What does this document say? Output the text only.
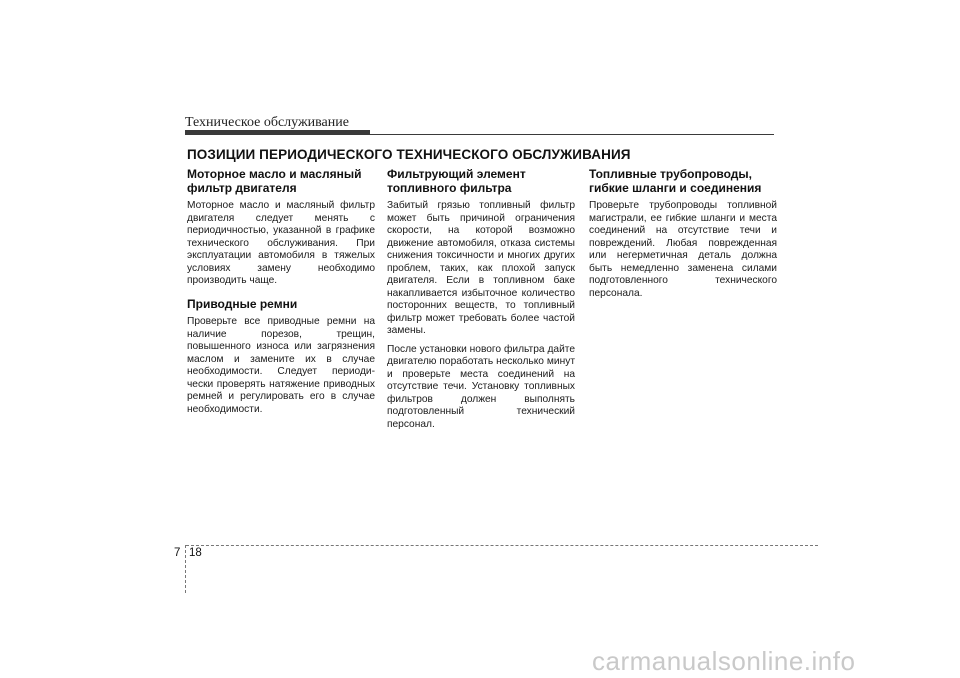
Техническое обслуживание
ПОЗИЦИИ ПЕРИОДИЧЕСКОГО ТЕХНИЧЕСКОГО ОБСЛУЖИВАНИЯ
Моторное масло и масляный фильтр двигателя

Моторное масло и масляный фильтр двигателя следует менять с периодичностью, указанной в графике технического обслуживания. При эксплуатации автомобиля в тяжелых условиях замену необходимо производить чаще.

Приводные ремни

Проверьте все приводные ремни на наличие порезов, трещин, повышенного износа или загрязнения маслом и замените их в случае необходимости. Следует периоди-чески проверять натяжение приводных ремней и регулировать его в случае необходимости.

Фильтрующий элемент топливного фильтра

Забитый грязью топливный фильтр может быть причиной ограничения скорости, на которой возможно движение автомобиля, отказа системы снижения токсичности и многих других проблем, таких, как плохой запуск двигателя. Если в топливном баке накапливается избыточное количество посторонних веществ, то топливный фильтр может требовать более частой замены.

После установки нового фильтра дайте двигателю поработать несколько минут и проверьте места соединений на отсутствие течи. Установку топливных фильтров должен выполнять подготовленный технический персонал.

Топливные трубопроводы, гибкие шланги и соединения

Проверьте трубопроводы топливной магистрали, ее гибкие шланги и места соединений на отсутствие течи и повреждений. Любая поврежденная или негерметичная деталь должна быть немедленно заменена силами подготовленного технического персонала.

7 18
carmanualsonline.info
